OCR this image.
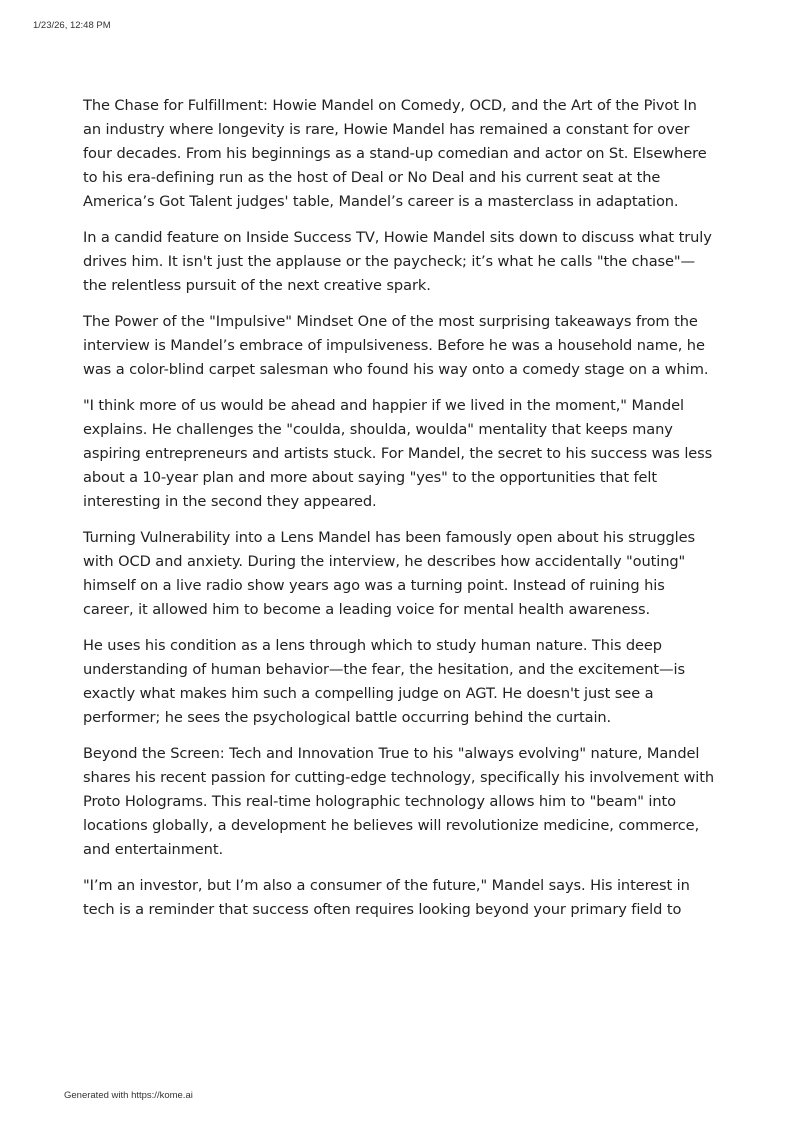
1/23/26, 12:48 PM

The Chase for Fulfillment: Howie Mandel on Comedy, OCD, and the Art of the Pivot In an industry where longevity is rare, Howie Mandel has remained a constant for over four decades. From his beginnings as a stand-up comedian and actor on St. Elsewhere to his era-defining run as the host of Deal or No Deal and his current seat at the America’s Got Talent judges' table, Mandel’s career is a masterclass in adaptation.

In a candid feature on Inside Success TV, Howie Mandel sits down to discuss what truly drives him. It isn't just the applause or the paycheck; it’s what he calls "the chase"—the relentless pursuit of the next creative spark.

The Power of the "Impulsive" Mindset One of the most surprising takeaways from the interview is Mandel’s embrace of impulsiveness. Before he was a household name, he was a color-blind carpet salesman who found his way onto a comedy stage on a whim.

"I think more of us would be ahead and happier if we lived in the moment," Mandel explains. He challenges the "coulda, shoulda, woulda" mentality that keeps many aspiring entrepreneurs and artists stuck. For Mandel, the secret to his success was less about a 10-year plan and more about saying "yes" to the opportunities that felt interesting in the second they appeared.

Turning Vulnerability into a Lens Mandel has been famously open about his struggles with OCD and anxiety. During the interview, he describes how accidentally "outing" himself on a live radio show years ago was a turning point. Instead of ruining his career, it allowed him to become a leading voice for mental health awareness.

He uses his condition as a lens through which to study human nature. This deep understanding of human behavior—the fear, the hesitation, and the excitement—is exactly what makes him such a compelling judge on AGT. He doesn't just see a performer; he sees the psychological battle occurring behind the curtain.

Beyond the Screen: Tech and Innovation True to his "always evolving" nature, Mandel shares his recent passion for cutting-edge technology, specifically his involvement with Proto Holograms. This real-time holographic technology allows him to "beam" into locations globally, a development he believes will revolutionize medicine, commerce, and entertainment.

"I’m an investor, but I’m also a consumer of the future," Mandel says. His interest in tech is a reminder that success often requires looking beyond your primary field to

Generated with https://kome.ai
